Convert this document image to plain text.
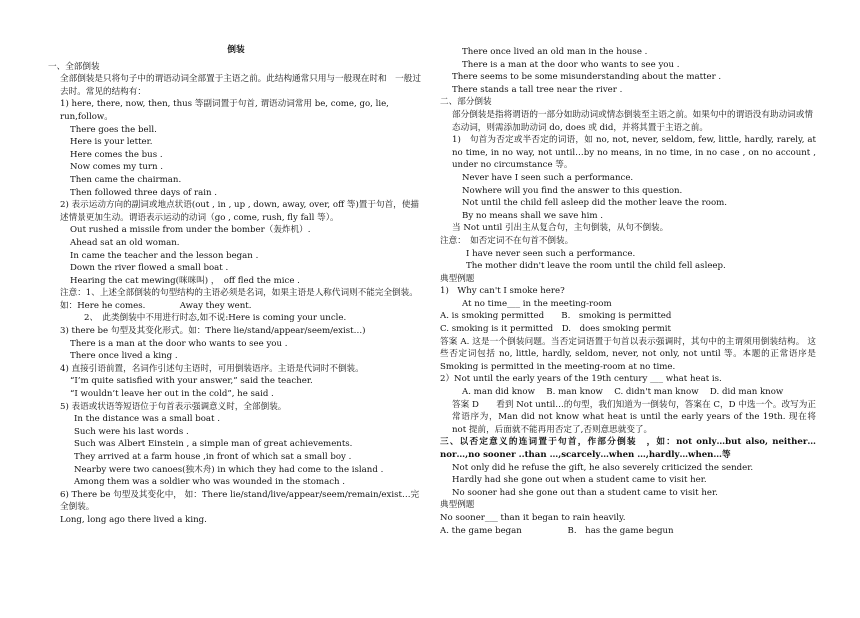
倒装
一、全部倒装
全部倒装是只将句子中的谓语动词全部置于主语之前。此结构通常只用与一般现在时和　一般过去时。常见的结构有：
1) here, there, now, then, thus 等副词置于句首, 谓语动词常用 be, come, go, lie, run,follow。
There goes the bell.
Here is your letter.
Here comes the bus .
Now comes my turn .
Then came the chairman.
Then followed three days of rain .
2) 表示运动方向的副词或地点状语(out , in , up , down, away, over, off 等)置于句首，使描述情景更加生动。谓语表示运动的动词（go , come, rush, fly fall 等）。
Out rushed a missile from under the bomber（轰炸机）.
Ahead sat an old woman.
In came the teacher and the lesson began .
Down the river flowed a small boat .
Hearing the cat mewing(咪咪叫) ，　off fled the mice .
注意：1、上述全部倒装的句型结构的主语必须是名词，如果主语是人称代词则不能完全倒装。如：Here he comes.　　　　Away they went.
2、　此类倒装中不用进行时态,如不说:Here is coming your uncle.
3) there be 句型及其变化形式。如：There lie/stand/appear/seem/exist…)
There is a man at the door who wants to see you .
There once lived a king .
4) 直接引语前置，名词作引述句主语时，可用倒装语序。主语是代词时不倒装。
“I’m quite satisfied with your answer,” said the teacher.
“I wouldn’t leave her out in the cold”, he said .
5) 表语或状语等短语位于句首表示强调意义时，全部倒装。
In the distance was a small boat .
Such were his last words .
Such was Albert Einstein , a simple man of great achievements.
They arrived at a farm house ,in front of which sat a small boy .
Nearby were two canoes(独木舟) in which they had come to the island .
Among them was a soldier who was wounded in the stomach .
6) There be 句型及其变化中， 如：There lie/stand/live/appear/seem/remain/exist…完全倒装。
Long, long ago there lived a king.
There once lived an old man in the house .
There is a man at the door who wants to see you .
There seems to be some misunderstanding about the matter .
There stands a tall tree near the river .
二、部分倒装
部分倒装是指将谓语的一部分如助动词或情态倒装至主语之前。如果句中的谓语没有助动词或情态动词，则需添加助动词 do, does 或 did，并将其置于主语之前。
1)　句首为否定或半否定的词语，如 no, not, never, seldom, few, little, hardly, rarely, at no time, in no way, not until…by no means, in no time, in no case , on no account , under no circumstance 等。
Never have I seen such a performance.
Nowhere will you find the answer to this question.
Not until the child fell asleep did the mother leave the room.
By no means shall we save him .
当 Not until 引出主从复合句，主句倒装，从句不倒装。
注意：　如否定词不在句首不倒装。
I have never seen such a performance.
The mother didn't leave the room until the child fell asleep.
典型例题
1)　Why can't I smoke here?
At no time___ in the meeting-room
A. is smoking permitted　　B.　smoking is permitted
C. smoking is it permitted　D.　does smoking permit
答案 A. 这是一个倒装问题。当否定词语置于句首以表示强调时，其句中的主谓须用倒装结构。 这些否定词包括 no, little, hardly, seldom, never, not only, not until 等。本题的正常语序是 Smoking is permitted in the meeting-room at no time.
2）Not until the early years of the 19th century ___ what heat is.
A. man did know　 B. man know　 C. didn't man know　 D. did man know
答案 D　　看到 Not until…的句型，我们知道为一倒装句，答案在 C，D 中选一个。改写为正常语序为，Man did not know what heat is until the early years of the 19th. 现在将 not 提前，后面就不能再用否定了,否则意思就变了。
三、以否定意义的连词置于句首，作部分倒装　，如：not only…but also, neither…nor…,no sooner ..than …,scarcely…when …,hardly…when…等
Not only did he refuse the gift, he also severely criticized the sender.
Hardly had she gone out when a student came to visit her.
No sooner had she gone out than a student came to visit her.
典型例题
No sooner___ than it began to rain heavily.
A. the game began　　　　　 B.　has the game begun
